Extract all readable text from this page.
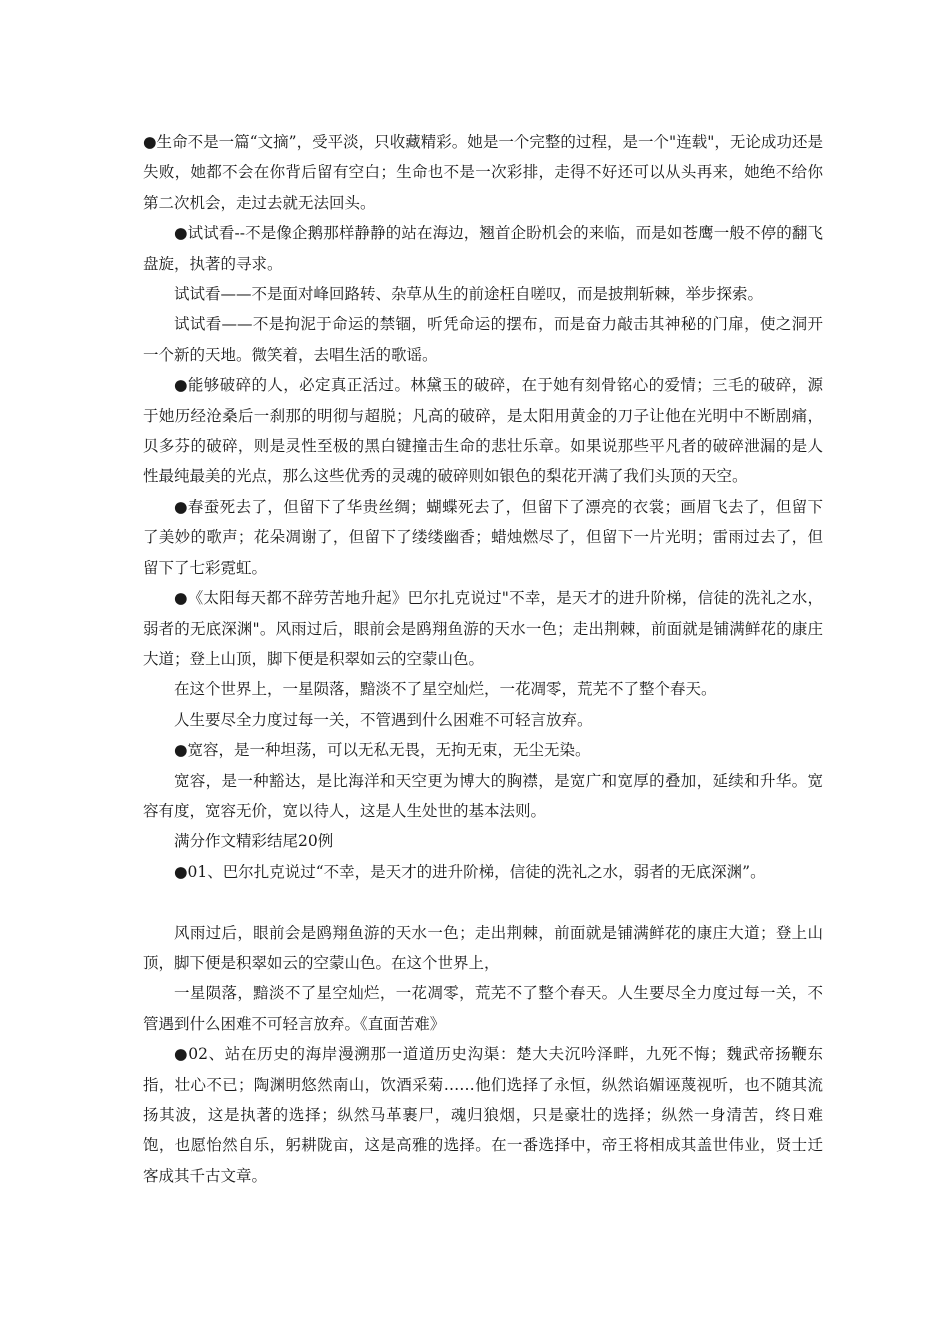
●生命不是一篇“文摘”，受平淡，只收藏精彩。她是一个完整的过程，是一个"连载"，无论成功还是失败，她都不会在你背后留有空白；生命也不是一次彩排，走得不好还可以从头再来，她绝不给你第二次机会，走过去就无法回头。

●试试看--不是像企鹅那样静静的站在海边，翘首企盼机会的来临，而是如苍鹰一般不停的翻飞盘旋，执著的寻求。

试试看——不是面对峰回路转、杂草从生的前途枉自嗟叹，而是披荆斩棘，举步探索。

试试看——不是拘泥于命运的禁锢，听凭命运的摆布，而是奋力敲击其神秘的门扉，使之洞开一个新的天地。微笑着，去唱生活的歌谣。

●能够破碎的人，必定真正活过。林黛玉的破碎，在于她有刻骨铭心的爱情；三毛的破碎，源于她历经沧桑后一刹那的明彻与超脱；凡高的破碎，是太阳用黄金的刀子让他在光明中不断剧痛，贝多芬的破碎，则是灵性至极的黑白键撞击生命的悲壮乐章。如果说那些平凡者的破碎泄漏的是人性最纯最美的光点，那么这些优秀的灵魂的破碎则如银色的梨花开满了我们头顶的天空。

●春蚕死去了，但留下了华贵丝绸；蝴蝶死去了，但留下了漂亮的衣裳；画眉飞去了，但留下了美妙的歌声；花朵凋谢了，但留下了缕缕幽香；蜡烛燃尽了，但留下一片光明；雷雨过去了，但留下了七彩霓虹。

●《太阳每天都不辞劳苦地升起》巴尔扎克说过"不幸，是天才的进升阶梯，信徒的洗礼之水，弱者的无底深渊"。风雨过后，眼前会是鸥翔鱼游的天水一色；走出荆棘，前面就是铺满鲜花的康庄大道；登上山顶，脚下便是积翠如云的空蒙山色。

在这个世界上，一星陨落，黯淡不了星空灿烂，一花凋零，荒芜不了整个春天。

人生要尽全力度过每一关，不管遇到什么困难不可轻言放弃。

●宽容，是一种坦荡，可以无私无畏，无拘无束，无尘无染。

宽容，是一种豁达，是比海洋和天空更为博大的胸襟，是宽广和宽厚的叠加，延续和升华。宽容有度，宽容无价，宽以待人，这是人生处世的基本法则。

满分作文精彩结尾20例

●01、巴尔扎克说过“不幸，是天才的进升阶梯，信徒的洗礼之水，弱者的无底深渊”。

风雨过后，眼前会是鸥翔鱼游的天水一色；走出荆棘，前面就是铺满鲜花的康庄大道；登上山顶，脚下便是积翠如云的空蒙山色。在这个世界上，

一星陨落，黯淡不了星空灿烂，一花凋零，荒芜不了整个春天。人生要尽全力度过每一关，不管遇到什么困难不可轻言放弃。《直面苦难》

●02、站在历史的海岸漫溯那一道道历史沟渠：楚大夫沉吟泽畔，九死不悔；魏武帝扬鞭东指，壮心不已；陶渊明悠然南山，饮酒采菊……他们选择了永恒，纵然谄媚诬蔑视听，也不随其流扬其波，这是执著的选择；纵然马革裹尸，魂归狼烟，只是豪壮的选择；纵然一身清苦，终日难饱，也愿怡然自乐，躬耕陇亩，这是高雅的选择。在一番选择中，帝王将相成其盖世伟业，贤士迁客成其千古文章。
